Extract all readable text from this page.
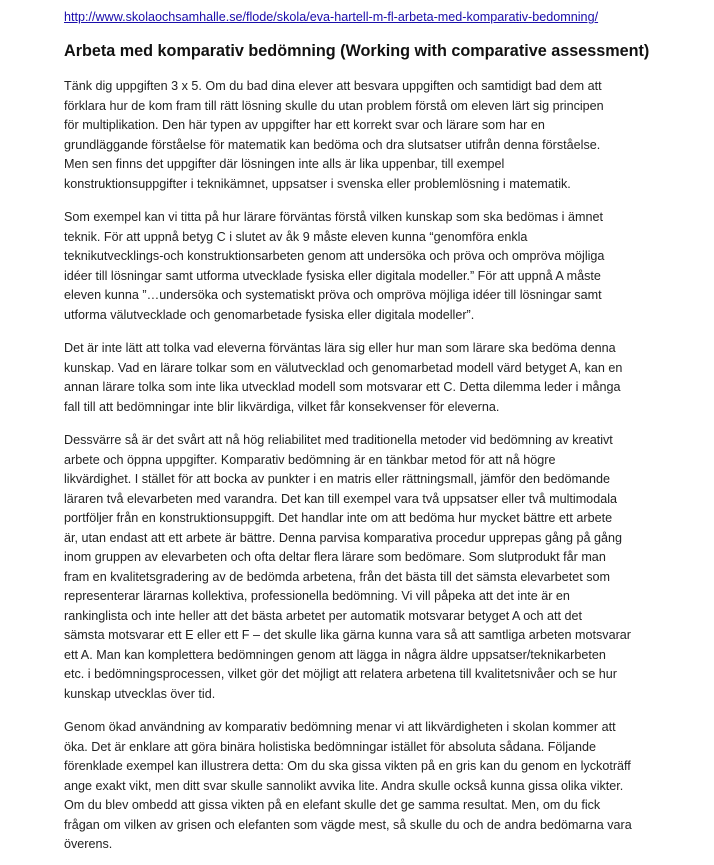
http://www.skolaochsamhalle.se/flode/skola/eva-hartell-m-fl-arbeta-med-komparativ-bedomning/
Arbeta med komparativ bedömning (Working with comparative assessment)

Tänk dig uppgiften 3 x 5. Om du bad dina elever att besvara uppgiften och samtidigt bad dem att
förklara hur de kom fram till rätt lösning skulle du utan problem förstå om eleven lärt sig principen
för multiplikation. Den här typen av uppgifter har ett korrekt svar och lärare som har en
grundläggande förståelse för matematik kan bedöma och dra slutsatser utifrån denna förståelse.
Men sen finns det uppgifter där lösningen inte alls är lika uppenbar, till exempel
konstruktionsuppgifter i teknikämnet, uppsatser i svenska eller problemlösning i matematik.

Som exempel kan vi titta på hur lärare förväntas förstå vilken kunskap som ska bedömas i ämnet
teknik. För att uppnå betyg C i slutet av åk 9 måste eleven kunna “genomföra enkla
teknikutvecklings-och konstruktionsarbeten genom att undersöka och pröva och ompröva möjliga
idéer till lösningar samt utforma utvecklade fysiska eller digitala modeller.” För att uppnå A måste
eleven kunna ”…undersöka och systematiskt pröva och ompröva möjliga idéer till lösningar samt
utforma välutvecklade och genomarbetade fysiska eller digitala modeller”.

Det är inte lätt att tolka vad eleverna förväntas lära sig eller hur man som lärare ska bedöma denna
kunskap. Vad en lärare tolkar som en välutvecklad och genomarbetad modell värd betyget A, kan en
annan lärare tolka som inte lika utvecklad modell som motsvarar ett C. Detta dilemma leder i många
fall till att bedömningar inte blir likvärdiga, vilket får konsekvenser för eleverna.

Dessvärre så är det svårt att nå hög reliabilitet med traditionella metoder vid bedömning av kreativt
arbete och öppna uppgifter. Komparativ bedömning är en tänkbar metod för att nå högre
likvärdighet. I stället för att bocka av punkter i en matris eller rättningsmall, jämför den bedömande
läraren två elevarbeten med varandra. Det kan till exempel vara två uppsatser eller två multimodala
portföljer från en konstruktionsuppgift. Det handlar inte om att bedöma hur mycket bättre ett arbete
är, utan endast att ett arbete är bättre. Denna parvisa komparativa procedur upprepas gång på gång
inom gruppen av elevarbeten och ofta deltar flera lärare som bedömare. Som slutprodukt får man
fram en kvalitetsgradering av de bedömda arbetena, från det bästa till det sämsta elevarbetet som
representerar lärarnas kollektiva, professionella bedömning. Vi vill påpeka att det inte är en
rankinglista och inte heller att det bästa arbetet per automatik motsvarar betyget A och att det
sämsta motsvarar ett E eller ett F – det skulle lika gärna kunna vara så att samtliga arbeten motsvarar
ett A. Man kan komplettera bedömningen genom att lägga in några äldre uppsatser/teknikarbeten
etc. i bedömningsprocessen, vilket gör det möjligt att relatera arbetena till kvalitetsnivåer och se hur
kunskap utvecklas över tid.

Genom ökad användning av komparativ bedömning menar vi att likvärdigheten i skolan kommer att
öka. Det är enklare att göra binära holistiska bedömningar istället för absoluta sådana. Följande
förenklade exempel kan illustrera detta: Om du ska gissa vikten på en gris kan du genom en lyckoträff
ange exakt vikt, men ditt svar skulle sannolikt avvika lite. Andra skulle också kunna gissa olika vikter.
Om du blev ombedd att gissa vikten på en elefant skulle det ge samma resultat. Men, om du fick
frågan om vilken av grisen och elefanten som vägde mest, så skulle du och de andra bedömarna vara
överens.
